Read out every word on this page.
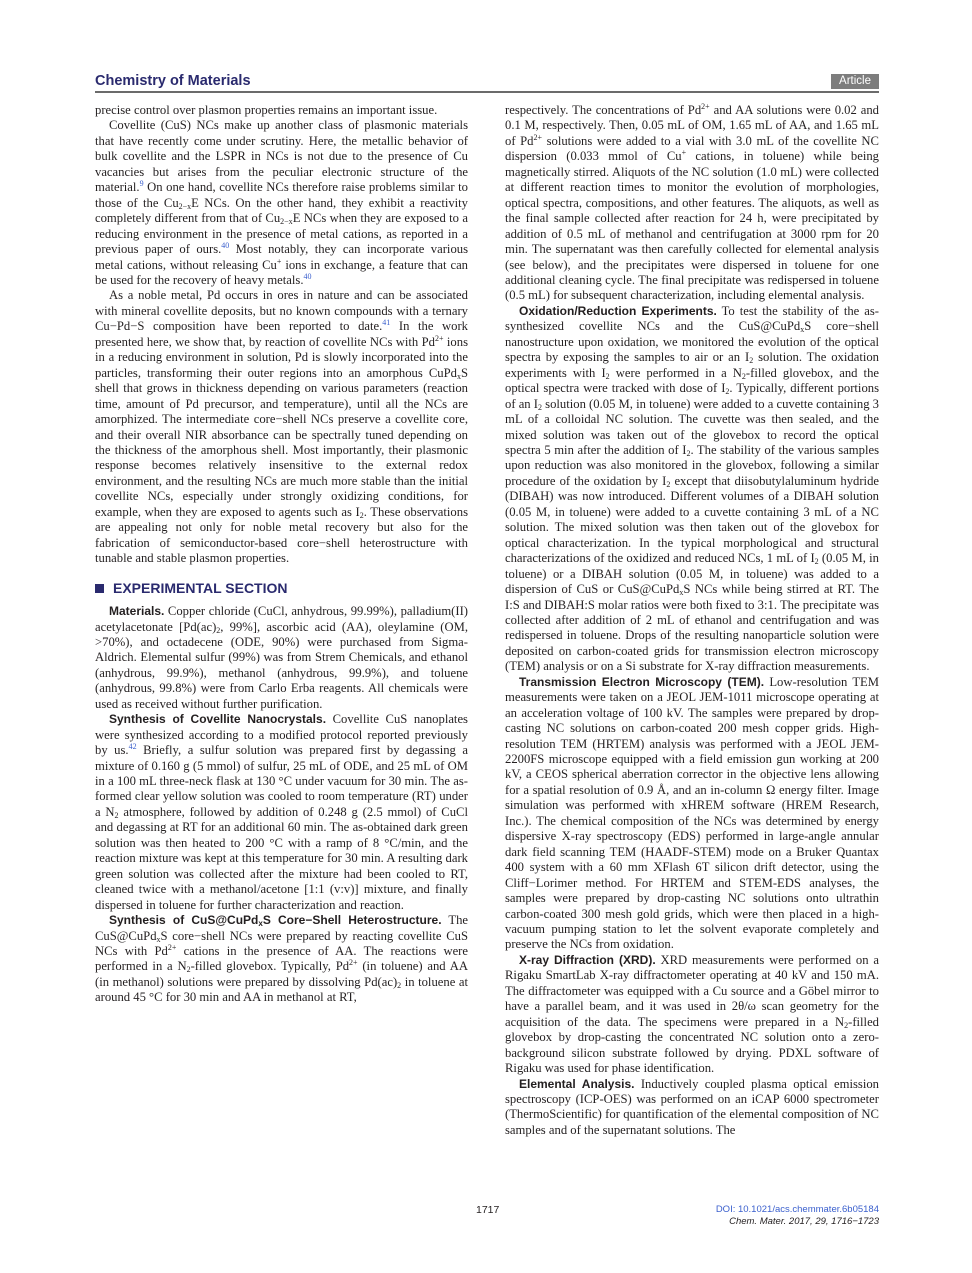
Chemistry of Materials	Article

precise control over plasmon properties remains an important issue.

Covellite (CuS) NCs make up another class of plasmonic materials that have recently come under scrutiny. Here, the metallic behavior of bulk covellite and the LSPR in NCs is not due to the presence of Cu vacancies but arises from the peculiar electronic structure of the material.$^9$ On one hand, covellite NCs therefore raise problems similar to those of the $Cu_{2-x}E$ NCs. On the other hand, they exhibit a reactivity completely different from that of $Cu_{2-x}E$ NCs when they are exposed to a reducing environment in the presence of metal cations, as reported in a previous paper of ours.$^{40}$ Most notably, they can incorporate various metal cations, without releasing Cu+ ions in exchange, a feature that can be used for the recovery of heavy metals.$^{40}$

As a noble metal, Pd occurs in ores in nature and can be associated with mineral covellite deposits, but no known compounds with a ternary Cu−Pd−S composition have been reported to date.$^{41}$ In the work presented here, we show that, by reaction of covellite NCs with $Pd^{2+}$ ions in a reducing environment in solution, Pd is slowly incorporated into the particles, transforming their outer regions into an amorphous CuPd$_x$S shell that grows in thickness depending on various parameters (reaction time, amount of Pd precursor, and temperature), until all the NCs are amorphized. The intermediate core−shell NCs preserve a covellite core, and their overall NIR absorbance can be spectrally tuned depending on the thickness of the amorphous shell. Most importantly, their plasmonic response becomes relatively insensitive to the external redox environment, and the resulting NCs are much more stable than the initial covellite NCs, especially under strongly oxidizing conditions, for example, when they are exposed to agents such as $I_2$. These observations are appealing not only for noble metal recovery but also for the fabrication of semiconductor-based core−shell heterostructure with tunable and stable plasmon properties.

EXPERIMENTAL SECTION

Materials. Copper chloride (CuCl, anhydrous, 99.99%), palladium(II) acetylacetonate [$Pd(ac)_2$, 99%], ascorbic acid (AA), oleylamine (OM, >70%), and octadecene (ODE, 90%) were purchased from Sigma-Aldrich. Elemental sulfur (99%) was from Strem Chemicals, and ethanol (anhydrous, 99.9%), methanol (anhydrous, 99.9%), and toluene (anhydrous, 99.8%) were from Carlo Erba reagents. All chemicals were used as received without further purification.

Synthesis of Covellite Nanocrystals. Covellite CuS nanoplates were synthesized according to a modified protocol reported previously by us.$^{42}$ Briefly, a sulfur solution was prepared first by degassing a mixture of 0.160 g (5 mmol) of sulfur, 25 mL of ODE, and 25 mL of OM in a 100 mL three-neck flask at 130 °C under vacuum for 30 min. The as-formed clear yellow solution was cooled to room temperature (RT) under a $N_2$ atmosphere, followed by addition of 0.248 g (2.5 mmol) of CuCl and degassing at RT for an additional 60 min. The as-obtained dark green solution was then heated to 200 °C with a ramp of 8 °C/min, and the reaction mixture was kept at this temperature for 30 min. A resulting dark green solution was collected after the mixture had been cooled to RT, cleaned twice with a methanol/acetone [1:1 (v:v)] mixture, and finally dispersed in toluene for further characterization and reaction.

Synthesis of CuS@CuPd$_x$S Core−Shell Heterostructure. The CuS@CuPd$_x$S core−shell NCs were prepared by reacting covellite CuS NCs with $Pd^{2+}$ cations in the presence of AA. The reactions were performed in a $N_2$-filled glovebox. Typically, $Pd^{2+}$ (in toluene) and AA (in methanol) solutions were prepared by dissolving $Pd(ac)_2$ in toluene at around 45 °C for 30 min and AA in methanol at RT,

respectively. The concentrations of $Pd^{2+}$ and AA solutions were 0.02 and 0.1 M, respectively. Then, 0.05 mL of OM, 1.65 mL of AA, and 1.65 mL of $Pd^{2+}$ solutions were added to a vial with 3.0 mL of the covellite NC dispersion (0.033 mmol of Cu+ cations, in toluene) while being magnetically stirred. Aliquots of the NC solution (1.0 mL) were collected at different reaction times to monitor the evolution of morphologies, optical spectra, compositions, and other features. The aliquots, as well as the final sample collected after reaction for 24 h, were precipitated by addition of 0.5 mL of methanol and centrifugation at 3000 rpm for 20 min. The supernatant was then carefully collected for elemental analysis (see below), and the precipitates were dispersed in toluene for one additional cleaning cycle. The final precipitate was redispersed in toluene (0.5 mL) for subsequent characterization, including elemental analysis.

Oxidation/Reduction Experiments. To test the stability of the as-synthesized covellite NCs and the CuS@CuPd$_x$S core−shell nanostructure upon oxidation, we monitored the evolution of the optical spectra by exposing the samples to air or an $I_2$ solution. The oxidation experiments with $I_2$ were performed in a $N_2$-filled glovebox, and the optical spectra were tracked with dose of $I_2$. Typically, different portions of an $I_2$ solution (0.05 M, in toluene) were added to a cuvette containing 3 mL of a colloidal NC solution. The cuvette was then sealed, and the mixed solution was taken out of the glovebox to record the optical spectra 5 min after the addition of $I_2$. The stability of the various samples upon reduction was also monitored in the glovebox, following a similar procedure of the oxidation by $I_2$ except that diisobutylaluminum hydride (DIBAH) was now introduced. Different volumes of a DIBAH solution (0.05 M, in toluene) were added to a cuvette containing 3 mL of a NC solution. The mixed solution was then taken out of the glovebox for optical characterization. In the typical morphological and structural characterizations of the oxidized and reduced NCs, 1 mL of $I_2$ (0.05 M, in toluene) or a DIBAH solution (0.05 M, in toluene) was added to a dispersion of CuS or CuS@CuPd$_x$S NCs while being stirred at RT. The I:S and DIBAH:S molar ratios were both fixed to 3:1. The precipitate was collected after addition of 2 mL of ethanol and centrifugation and was redispersed in toluene. Drops of the resulting nanoparticle solution were deposited on carbon-coated grids for transmission electron microscopy (TEM) analysis or on a Si substrate for X-ray diffraction measurements.

Transmission Electron Microscopy (TEM). Low-resolution TEM measurements were taken on a JEOL JEM-1011 microscope operating at an acceleration voltage of 100 kV. The samples were prepared by drop-casting NC solutions on carbon-coated 200 mesh copper grids. High-resolution TEM (HRTEM) analysis was performed with a JEOL JEM-2200FS microscope equipped with a field emission gun working at 200 kV, a CEOS spherical aberration corrector in the objective lens allowing for a spatial resolution of 0.9 Å, and an in-column Ω energy filter. Image simulation was performed with xHREM software (HREM Research, Inc.). The chemical composition of the NCs was determined by energy dispersive X-ray spectroscopy (EDS) performed in large-angle annular dark field scanning TEM (HAADF-STEM) mode on a Bruker Quantax 400 system with a 60 mm XFlash 6T silicon drift detector, using the Cliff−Lorimer method. For HRTEM and STEM-EDS analyses, the samples were prepared by drop-casting NC solutions onto ultrathin carbon-coated 300 mesh gold grids, which were then placed in a high-vacuum pumping station to let the solvent evaporate completely and preserve the NCs from oxidation.

X-ray Diffraction (XRD). XRD measurements were performed on a Rigaku SmartLab X-ray diffractometer operating at 40 kV and 150 mA. The diffractometer was equipped with a Cu source and a Göbel mirror to have a parallel beam, and it was used in 2θ/ω scan geometry for the acquisition of the data. The specimens were prepared in a $N_2$-filled glovebox by drop-casting the concentrated NC solution onto a zero-background silicon substrate followed by drying. PDXL software of Rigaku was used for phase identification.

Elemental Analysis. Inductively coupled plasma optical emission spectroscopy (ICP-OES) was performed on an iCAP 6000 spectrometer (ThermoScientific) for quantification of the elemental composition of NC samples and of the supernatant solutions. The

1717	DOI: 10.1021/acs.chemmater.6b05184
Chem. Mater. 2017, 29, 1716−1723
